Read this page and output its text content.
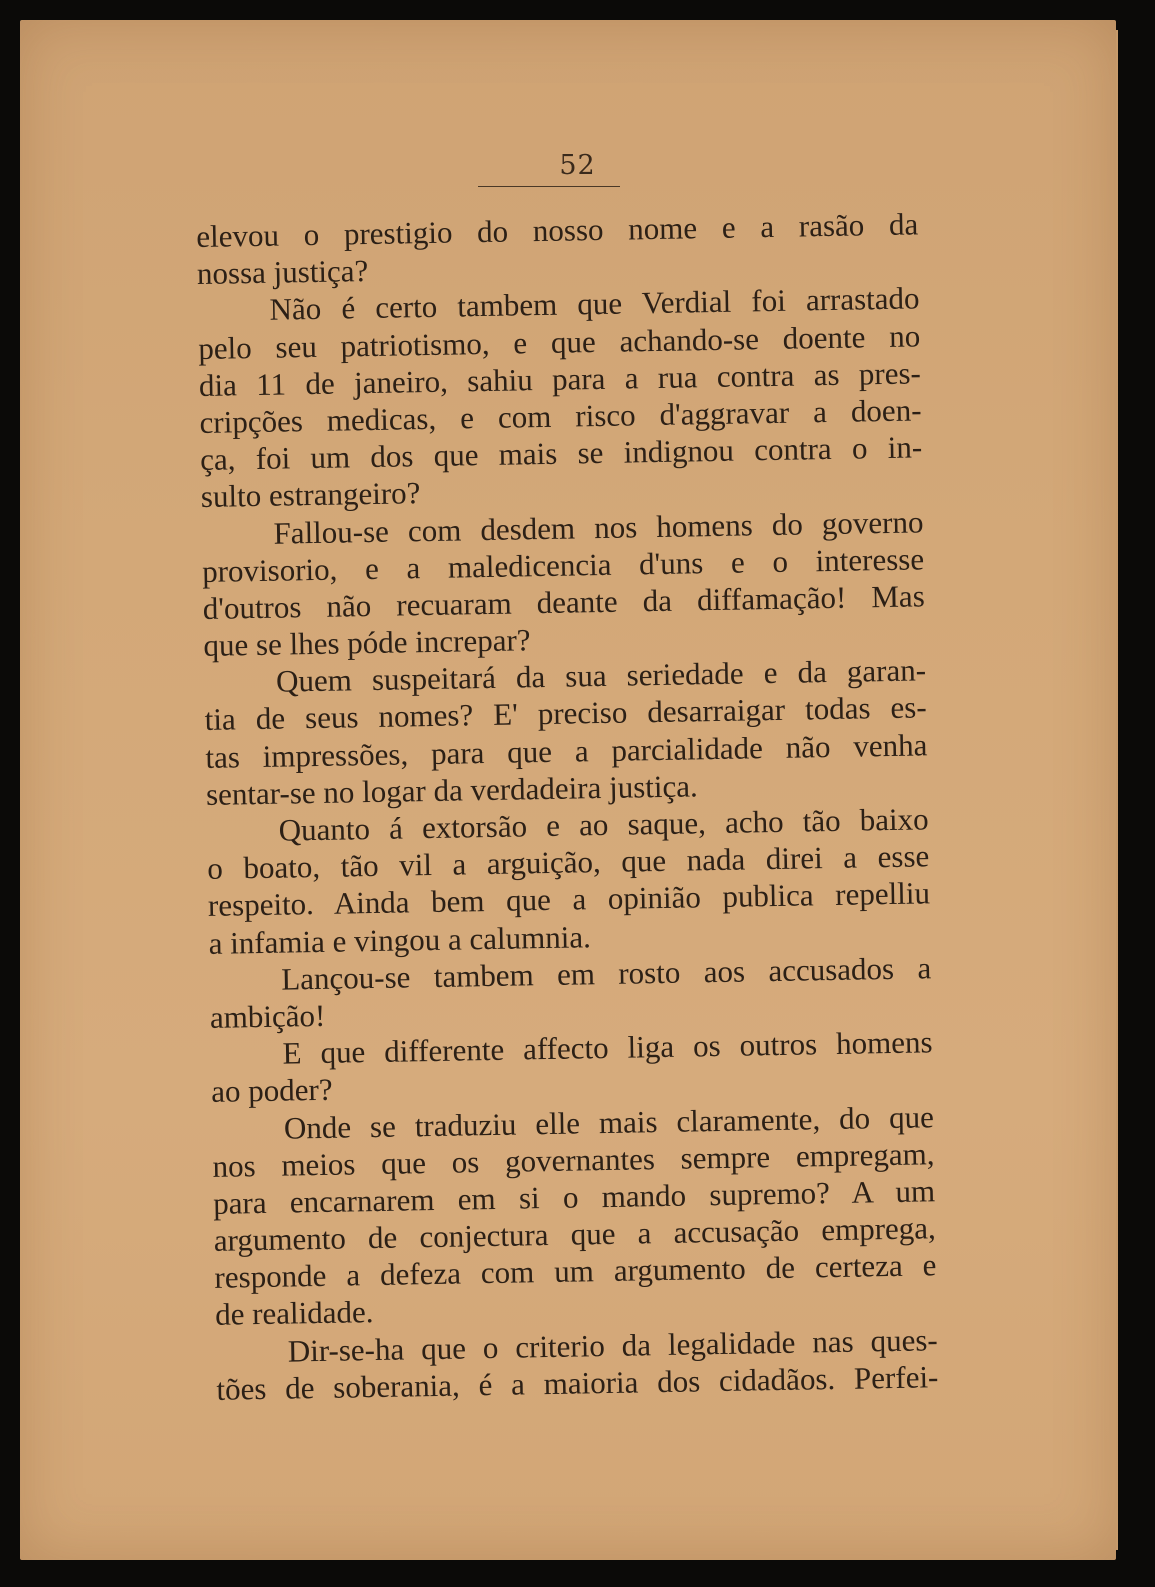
52
elevou o prestigio do nosso nome e a rasão da
nossa justiça?
Não é certo tambem que Verdial foi arrastado
pelo seu patriotismo, e que achando-se doente no
dia 11 de janeiro, sahiu para a rua contra as pres-
cripções medicas, e com risco d'aggravar a doen-
ça, foi um dos que mais se indignou contra o in-
sulto estrangeiro?
Fallou-se com desdem nos homens do governo
provisorio, e a maledicencia d'uns e o interesse
d'outros não recuaram deante da diffamação! Mas
que se lhes póde increpar?
Quem suspeitará da sua seriedade e da garan-
tia de seus nomes? E' preciso desarraigar todas es-
tas impressões, para que a parcialidade não venha
sentar-se no logar da verdadeira justiça.
Quanto á extorsão e ao saque, acho tão baixo
o boato, tão vil a arguição, que nada direi a esse
respeito. Ainda bem que a opinião publica repelliu
a infamia e vingou a calumnia.
Lançou-se tambem em rosto aos accusados a
ambição!
E que differente affecto liga os outros homens
ao poder?
Onde se traduziu elle mais claramente, do que
nos meios que os governantes sempre empregam,
para encarnarem em si o mando supremo? A um
argumento de conjectura que a accusação emprega,
responde a defeza com um argumento de certeza e
de realidade.
Dir-se-ha que o criterio da legalidade nas ques-
tões de soberania, é a maioria dos cidadãos. Perfei-
